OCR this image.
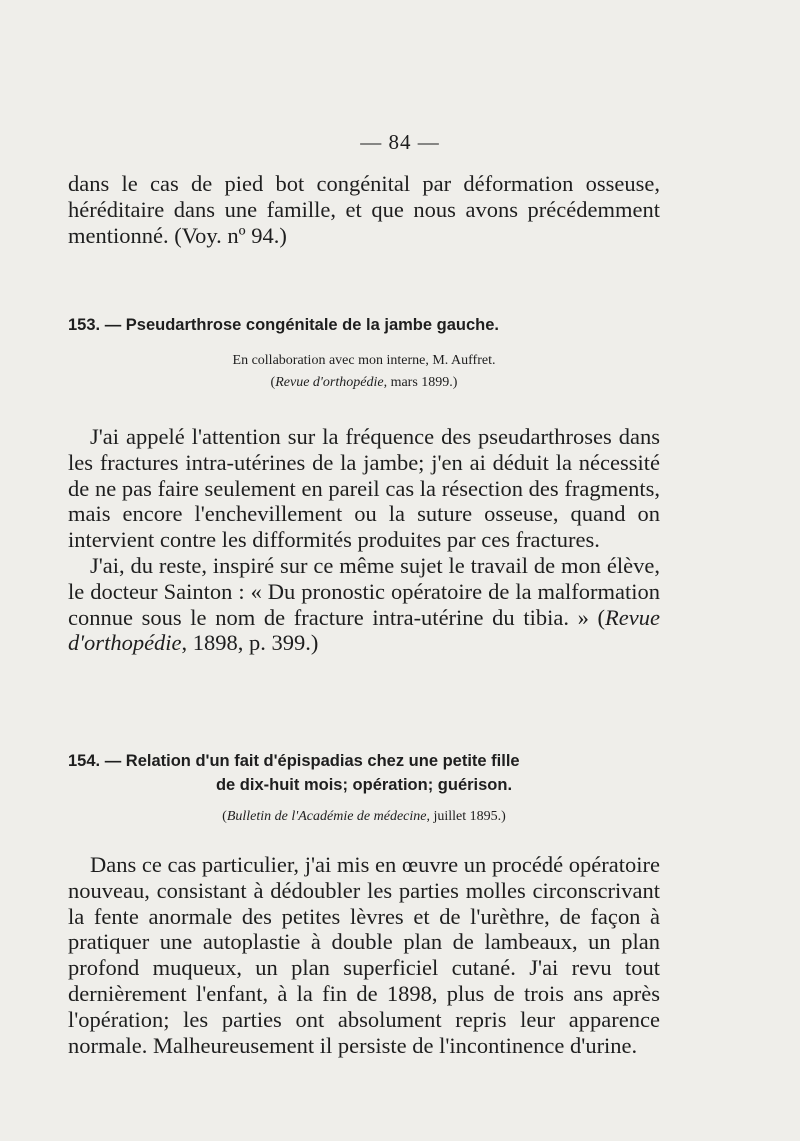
— 84 —

dans le cas de pied bot congénital par déformation osseuse, héréditaire dans une famille, et que nous avons précédemment mentionné. (Voy. nº 94.)

153. — Pseudarthrose congénitale de la jambe gauche.

En collaboration avec mon interne, M. Auffret.

(Revue d'orthopédie, mars 1899.)

J'ai appelé l'attention sur la fréquence des pseudarthroses dans les fractures intra-utérines de la jambe; j'en ai déduit la nécessité de ne pas faire seulement en pareil cas la résection des fragments, mais encore l'enchevillement ou la suture osseuse, quand on intervient contre les difformités produites par ces fractures.

J'ai, du reste, inspiré sur ce même sujet le travail de mon élève, le docteur Sainton : « Du pronostic opératoire de la malformation connue sous le nom de fracture intra-utérine du tibia. » (Revue d'orthopédie, 1898, p. 399.)

154. — Relation d'un fait d'épispadias chez une petite fille

de dix-huit mois; opération; guérison.

(Bulletin de l'Académie de médecine, juillet 1895.)

Dans ce cas particulier, j'ai mis en œuvre un procédé opératoire nouveau, consistant à dédoubler les parties molles circonscrivant la fente anormale des petites lèvres et de l'urèthre, de façon à pratiquer une autoplastie à double plan de lambeaux, un plan profond muqueux, un plan superficiel cutané. J'ai revu tout dernièrement l'enfant, à la fin de 1898, plus de trois ans après l'opération; les parties ont absolument repris leur apparence normale. Malheureusement il persiste de l'incontinence d'urine.
